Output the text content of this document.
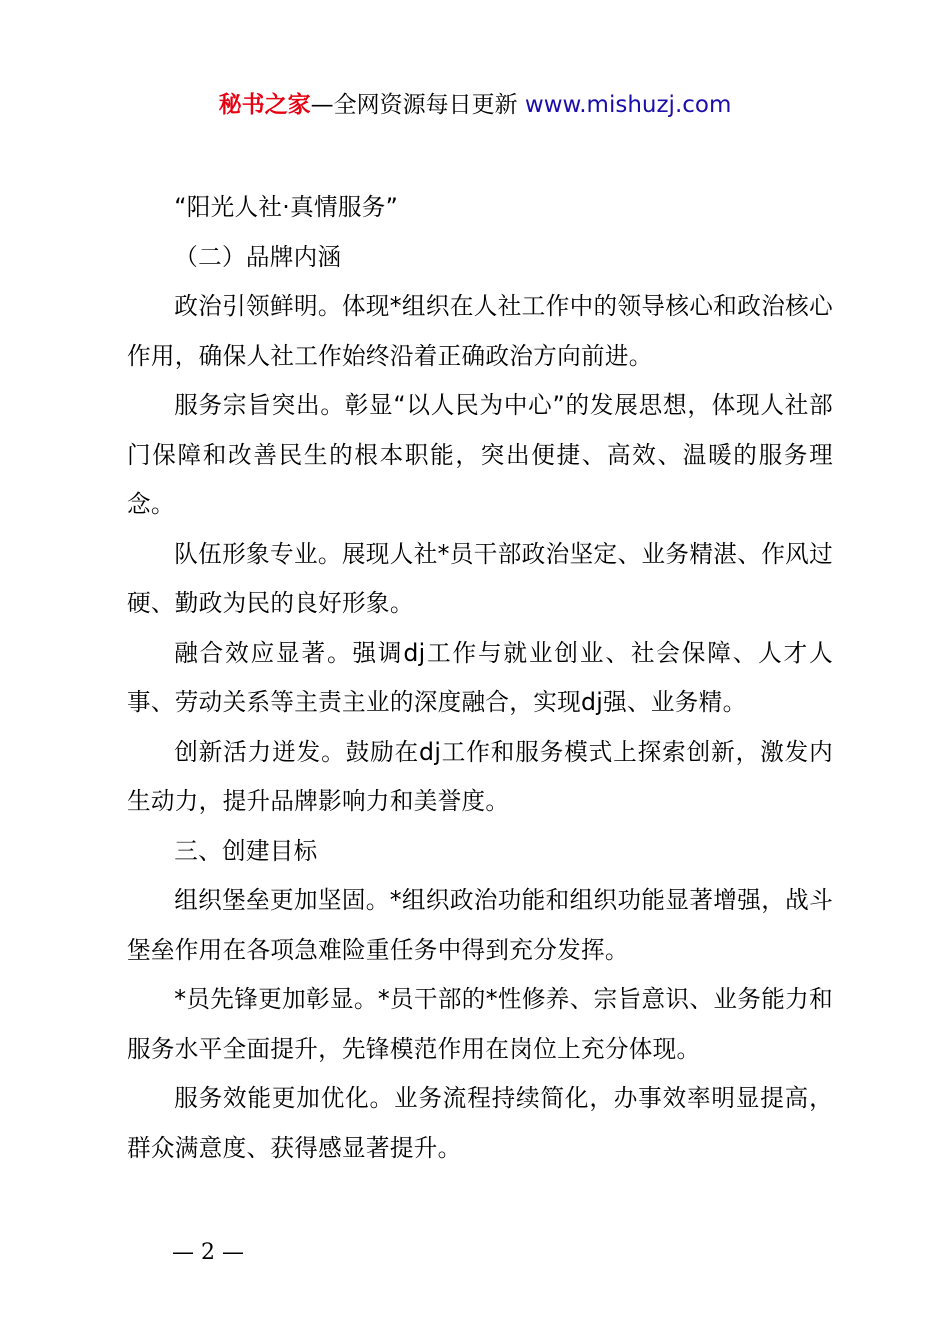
秘书之家—全网资源每日更新 www.mishuzj.com

“阳光人社·真情服务”

（二）品牌内涵

政治引领鲜明。体现*组织在人社工作中的领导核心和政治核心作用，确保人社工作始终沿着正确政治方向前进。

服务宗旨突出。彰显“以人民为中心”的发展思想，体现人社部门保障和改善民生的根本职能，突出便捷、高效、温暖的服务理念。

队伍形象专业。展现人社*员干部政治坚定、业务精湛、作风过硬、勤政为民的良好形象。

融合效应显著。强调dj工作与就业创业、社会保障、人才人事、劳动关系等主责主业的深度融合，实现dj强、业务精。

创新活力迸发。鼓励在dj工作和服务模式上探索创新，激发内生动力，提升品牌影响力和美誉度。

三、创建目标

组织堡垒更加坚固。*组织政治功能和组织功能显著增强，战斗堡垒作用在各项急难险重任务中得到充分发挥。

*员先锋更加彰显。*员干部的*性修养、宗旨意识、业务能力和服务水平全面提升，先锋模范作用在岗位上充分体现。

服务效能更加优化。业务流程持续简化，办事效率明显提高，群众满意度、获得感显著提升。

— 2 —
